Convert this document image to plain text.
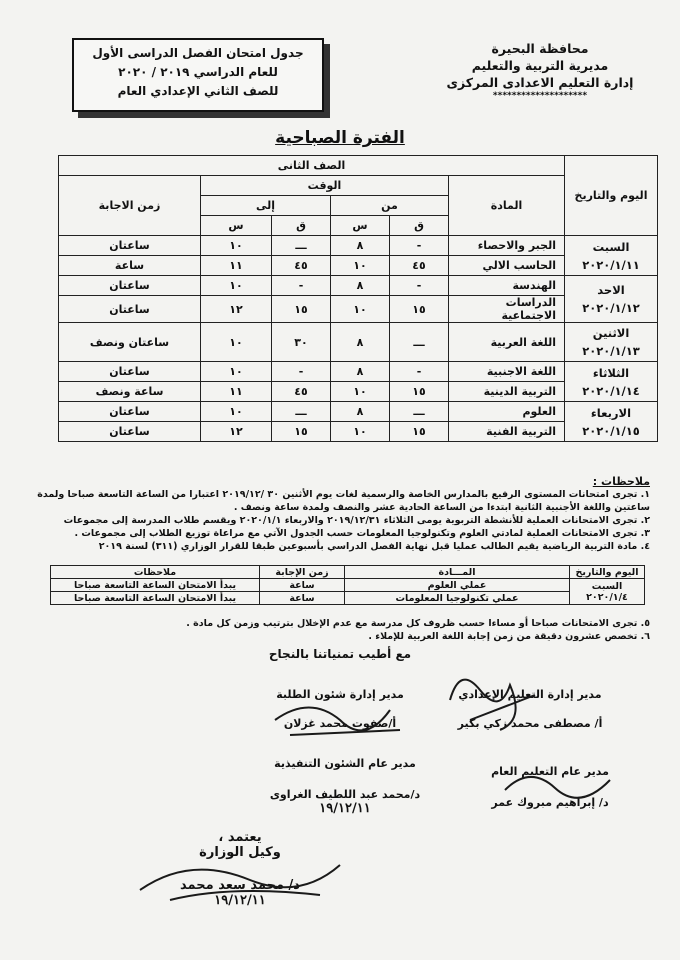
محافظة البحيرة
مديرية التربية والتعليم
إدارة التعليم الاعدادى المركزى
********************
جدول امتحان الفصل الدراسى الأول
للعام الدراسي ٢٠١٩ / ٢٠٢٠
للصف الثاني الإعدادي العام
الفترة الصباحية
اليوم والتاريخ	الصف الثانى					
	المادة	الوقت				زمن الاجابة
		من		إلى		
		ق	س	ق	س	

السبت
٢٠٢٠/١/١١	الجبر والاحصاء	-	٨	ـــ	١٠	ساعتان
	الحاسب الالي	٤٥	١٠	٤٥	١١	ساعة

الاحد
٢٠٢٠/١/١٢	الهندسة	-	٨	-	١٠	ساعتان
	الدراسات الاجتماعية	١٥	١٠	١٥	١٢	ساعتان

الاثنين
٢٠٢٠/١/١٣	اللغة العربية	ـــ	٨	٣٠	١٠	ساعتان ونصف

الثلاثاء
٢٠٢٠/١/١٤	اللغة الاجنبية	-	٨	-	١٠	ساعتان
	التربية الدينية	١٥	١٠	٤٥	١١	ساعة ونصف

الاربعاء
٢٠٢٠/١/١٥	العلوم	ـــ	٨	ـــ	١٠	ساعتان
	التربية الفنية	١٥	١٠	١٥	١٢	ساعتان
ملاحظات :
١. تجرى امتحانات المستوى الرفيع بالمدارس الخاصة والرسمية لغات يوم الأثنين ٣٠ /٢٠١٩/١٢ اعتبارا من الساعة التاسعة صباحا ولمدة ساعتين واللغة الأجنبية الثانية ابتدءا من الساعة الحادية عشر والنصف ولمدة ساعة ونصف .
٢. تجرى الامتحانات العملية للأنشطة التربوية يومى الثلاثاء ٢٠١٩/١٢/٣١ والاربعاء ٢٠٢٠/١/١ ويقسم طلاب المدرسة إلى مجموعات
٣. تجرى الامتحانات العملية لمادتي العلوم وتكنولوجيا المعلومات حسب الجدول الآتي مع مراعاة توزيع الطلاب إلى مجموعات .
٤. مادة التربية الرياضية يقيم الطالب عمليا قبل نهاية الفصل الدراسي بأسبوعين طبقا للقرار الوزاري (٣١١) لسنة ٢٠١٩
اليوم والتاريخ	المـــادة	زمن الإجابة	ملاحظات

السبت
٢٠٢٠/١/٤	عملي العلوم	ساعة	يبدأ الامتحان الساعة التاسعة صباحا
	عملي تكنولوجيا المعلومات	ساعة	يبدأ الامتحان الساعة التاسعة صباحا
٥. تجرى الامتحانات صباحا أو مساءا حسب ظروف كل مدرسة مع عدم الإخلال بترتيب وزمن كل مادة .
٦. تخصص عشرون دقيقة من زمن إجابة اللغة العربية للإملاء .
مع أطيب تمنياتنا بالنجاح
مدير إدارة التعليم الإعدادي
أ/ مصطفى محمد زكي بكير
مدير إدارة شئون الطلبة
أ/صفوت محمد غزلان
مدير عام التعليم العام
د/ إبراهيم مبروك عمر
مدير عام الشئون التنفيذية
د/محمد عبد اللطيف الغراوى
١٩/١٢/١١
يعتمد ،
وكيل الوزارة
د/ محمد سعد محمد
١٩/١٢/١١
